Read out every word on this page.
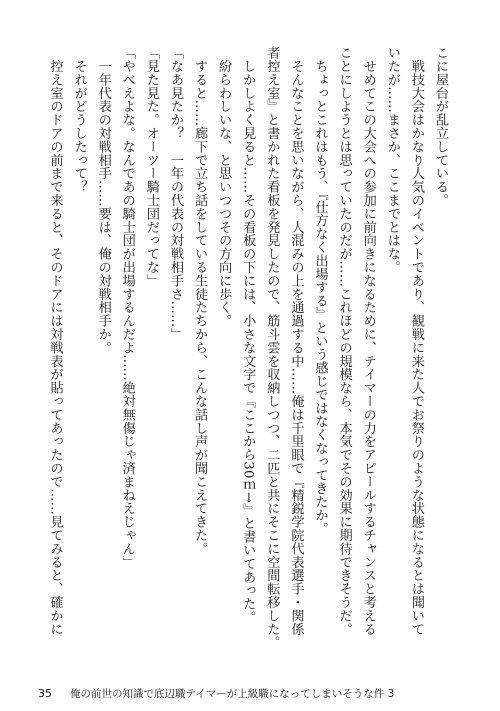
こに屋台が乱立している。

　戦技大会はかなり人気のイベントであり、観戦に来た人でお祭りのような状態になるとは聞いて

いたが……まさか、ここまでとはな。

　せめてこの大会への参加に前向きになるために、テイマーの力をアピールするチャンスと考える

ことにしようとは思っていたのだが……これほどの規模なら、本気でその効果に期待できそうだ。

　ちょっとこれはもう、『仕方なく出場する』という感じではなくなってきたか。

　そんなことを思いながら、人混みの上を通過する中……俺は千里眼で『精鋭学院代表選手・関係

者控え室』と書かれた看板を発見したので、筋斗雲を収納しつつ、二匹と共にそこに空間転移した。

　しかしよく見ると……その看板の下には、小さな文字で『ここから30ｍ→』と書いてあった。

　紛らわしいな、と思いつつその方向に歩く。

　すると……廊下で立ち話をしている生徒たちから、こんな話し声が聞こえてきた。

「なあ見たか？　一年の代表の対戦相手さ……」

「見た見た。オーツー騎士団だってな」

「やべえよな。なんであの騎士団が出場するんだよ……絶対無傷じゃ済まねえじゃん」

　一年代表の対戦相手……要は、俺の対戦相手か。

　それがどうしたって？

　控え室のドアの前まで来ると、そのドアには対戦表が貼ってあったので……見てみると、確かに

35 俺の前世の知識で底辺職テイマーが上級職になってしまいそうな件 3
